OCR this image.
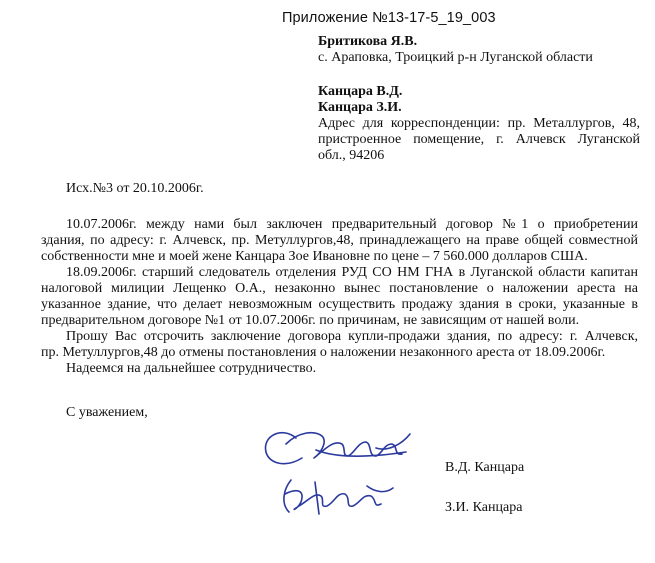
Приложение №13-17-5_19_003
Бритикова Я.В.
с. Араповка, Троицкий р-н Луганской области
Канцара В.Д.
Канцара З.И.
Адрес для корреспонденции: пр. Металлургов, 48,
пристроенное помещение, г. Алчевск Луганской
обл., 94206
Исх.№3 от 20.10.2006г.
10.07.2006г. между нами был заключен предварительный договор №1 о приобретении
здания, по адресу: г. Алчевск, пр. Метуллургов,48, принадлежащего на праве общей совместной
собственности мне и моей жене Канцара Зое Ивановне по цене – 7 560.000 долларов США.
18.09.2006г. старший следователь отделения РУД СО НМ ГНА в Луганской области капитан
налоговой милиции Лещенко О.А., незаконно вынес постановление о наложении ареста на
указанное здание, что делает невозможным осуществить продажу здания в сроки, указанные в
предварительном договоре №1 от 10.07.2006г. по причинам, не зависящим от нашей воли.
Прошу Вас отсрочить заключение договора купли-продажи здания, по адресу: г. Алчевск,
пр. Метуллургов,48 до отмены постановления о наложении незаконного ареста от 18.09.2006г.
Надеемся на дальнейшее сотрудничество.
С уважением,
В.Д. Канцара
З.И. Канцара
